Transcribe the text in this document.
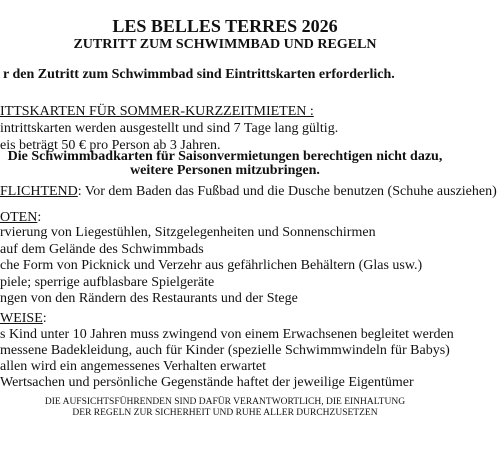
LES BELLES TERRES 2026
ZUTRITT ZUM SCHWIMMBAD UND REGELN
r den Zutritt zum Schwimmbad sind Eintrittskarten erforderlich.
ITTSKARTEN FÜR SOMMER-KURZZEITMIETEN :
intrittskarten werden ausgestellt und sind 7 Tage lang gültig.
eis beträgt 50 € pro Person ab 3 Jahren.
Die Schwimmbadkarten für Saisonvermietungen berechtigen nicht dazu,
weitere Personen mitzubringen.
FLICHTEND: Vor dem Baden das Fußbad und die Dusche benutzen (Schuhe ausziehen)
OTEN:
rvierung von Liegestühlen, Sitzgelegenheiten und Sonnenschirmen
auf dem Gelände des Schwimmbads
che Form von Picknick und Verzehr aus gefährlichen Behältern (Glas usw.)
piele; sperrige aufblasbare Spielgeräte
ngen von den Rändern des Restaurants und der Stege
WEISE:
s Kind unter 10 Jahren muss zwingend von einem Erwachsenen begleitet werden
messene Badekleidung, auch für Kinder (spezielle Schwimmwindeln für Babys)
allen wird ein angemessenes Verhalten erwartet
Wertsachen und persönliche Gegenstände haftet der jeweilige Eigentümer
DIE AUFSICHTSFÜHRENDEN SIND DAFÜR VERANTWORTLICH, DIE EINHALTUNG
DER REGELN ZUR SICHERHEIT UND RUHE ALLER DURCHZUSETZEN
